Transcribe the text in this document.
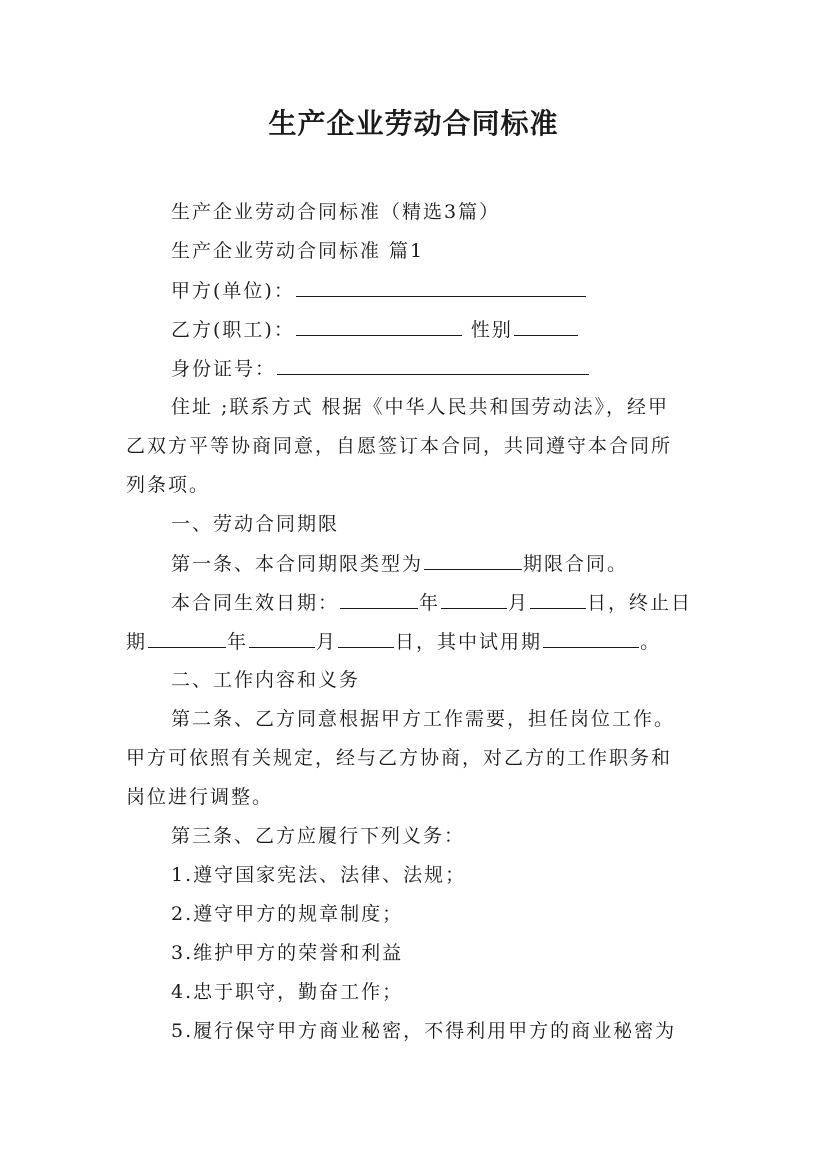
生产企业劳动合同标准
生产企业劳动合同标准（精选3篇）
生产企业劳动合同标准 篇1
甲方(单位)：
乙方(职工)：	性别
身份证号：
住址 ;联系方式 根据《中华人民共和国劳动法》，经甲
乙双方平等协商同意，自愿签订本合同，共同遵守本合同所
列条项。
一、劳动合同期限
第一条、本合同期限类型为	期限合同。
本合同生效日期：	年	月	日，终止日
期	年	月	日，其中试用期	。
二、工作内容和义务
第二条、乙方同意根据甲方工作需要，担任岗位工作。
甲方可依照有关规定，经与乙方协商，对乙方的工作职务和
岗位进行调整。
第三条、乙方应履行下列义务：
1.遵守国家宪法、法律、法规；
2.遵守甲方的规章制度；
3.维护甲方的荣誉和利益
4.忠于职守，勤奋工作；
5.履行保守甲方商业秘密，不得利用甲方的商业秘密为
